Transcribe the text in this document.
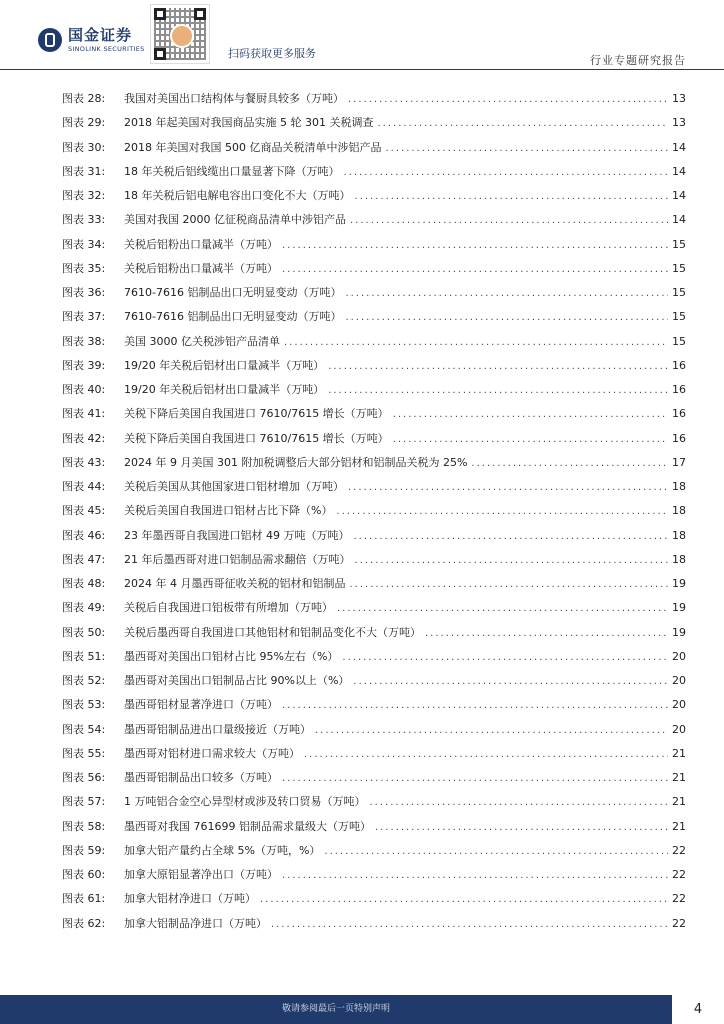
国金证券
SINOLINK SECURITIES	扫码获取更多服务
行业专题研究报告
图表 28:	我国对美国出口结构体与餐厨具较多（万吨） .....	13
图表 29:	2018 年起美国对我国商品实施 5 轮 301 关税调查 .....	13
图表 30:	2018 年美国对我国 500 亿商品关税清单中涉铝产品 .....	14
图表 31:	18 年关税后铝线缆出口量显著下降（万吨） .....	14
图表 32:	18 年关税后铝电解电容出口变化不大（万吨） .....	14
图表 33:	美国对我国 2000 亿征税商品清单中涉铝产品 .....	14
图表 34:	关税后铝粉出口量减半（万吨） .....	15
图表 35:	关税后铝粉出口量减半（万吨） .....	15
图表 36:	7610-7616 铝制品出口无明显变动（万吨） .....	15
图表 37:	7610-7616 铝制品出口无明显变动（万吨） .....	15
图表 38:	美国 3000 亿关税涉铝产品清单 .....	15
图表 39:	19/20 年关税后铝材出口量减半（万吨） .....	16
图表 40:	19/20 年关税后铝材出口量减半（万吨） .....	16
图表 41:	关税下降后美国自我国进口 7610/7615 增长（万吨） .....	16
图表 42:	关税下降后美国自我国进口 7610/7615 增长（万吨） .....	16
图表 43:	2024 年 9 月美国 301 附加税调整后大部分铝材和铝制品关税为 25% .....	17
图表 44:	关税后美国从其他国家进口铝材增加（万吨） .....	18
图表 45:	关税后美国自我国进口铝材占比下降（%） .....	18
图表 46:	23 年墨西哥自我国进口铝材 49 万吨（万吨） .....	18
图表 47:	21 年后墨西哥对进口铝制品需求翻倍（万吨） .....	18
图表 48:	2024 年 4 月墨西哥征收关税的铝材和铝制品 .....	19
图表 49:	关税后自我国进口铝板带有所增加（万吨） .....	19
图表 50:	关税后墨西哥自我国进口其他铝材和铝制品变化不大（万吨） .....	19
图表 51:	墨西哥对美国出口铝材占比 95%左右（%） .....	20
图表 52:	墨西哥对美国出口铝制品占比 90%以上（%） .....	20
图表 53:	墨西哥铝材显著净进口（万吨） .....	20
图表 54:	墨西哥铝制品进出口量级接近（万吨） .....	20
图表 55:	墨西哥对铝材进口需求较大（万吨） .....	21
图表 56:	墨西哥铝制品出口较多（万吨） .....	21
图表 57:	1 万吨铝合金空心异型材或涉及转口贸易（万吨） .....	21
图表 58:	墨西哥对我国 761699 铝制品需求量级大（万吨） .....	21
图表 59:	加拿大铝产量约占全球 5%（万吨，%） .....	22
图表 60:	加拿大原铝显著净出口（万吨） .....	22
图表 61:	加拿大铝材净进口（万吨） .....	22
图表 62:	加拿大铝制品净进口（万吨） .....	22
敬请参阅最后一页特别声明	4
